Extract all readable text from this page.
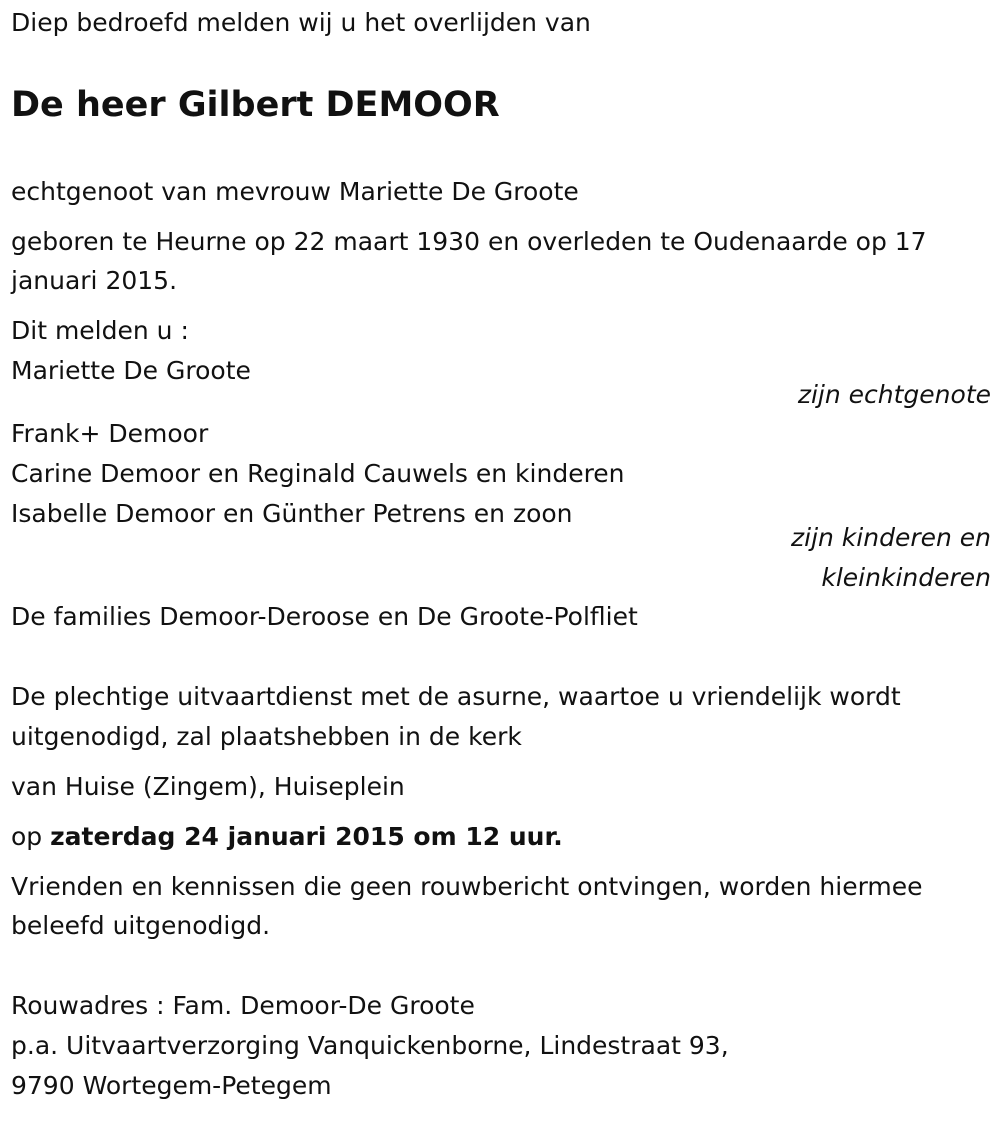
Diep bedroefd melden wij u het overlijden van
De heer Gilbert DEMOOR
echtgenoot van mevrouw Mariette De Groote
geboren te Heurne op 22 maart 1930 en overleden te Oudenaarde op 17
januari 2015.
Dit melden u :
Mariette De Groote
zijn echtgenote
Frank+ Demoor
Carine Demoor en Reginald Cauwels en kinderen
Isabelle Demoor en Günther Petrens en zoon
zijn kinderen en
kleinkinderen
De families Demoor-Deroose en De Groote-Polfliet
De plechtige uitvaartdienst met de asurne, waartoe u vriendelijk wordt
uitgenodigd, zal plaatshebben in de kerk
van Huise (Zingem), Huiseplein
op zaterdag 24 januari 2015 om 12 uur.
Vrienden en kennissen die geen rouwbericht ontvingen, worden hiermee
beleefd uitgenodigd.
Rouwadres : Fam. Demoor-De Groote
p.a. Uitvaartverzorging Vanquickenborne, Lindestraat 93,
9790 Wortegem-Petegem
